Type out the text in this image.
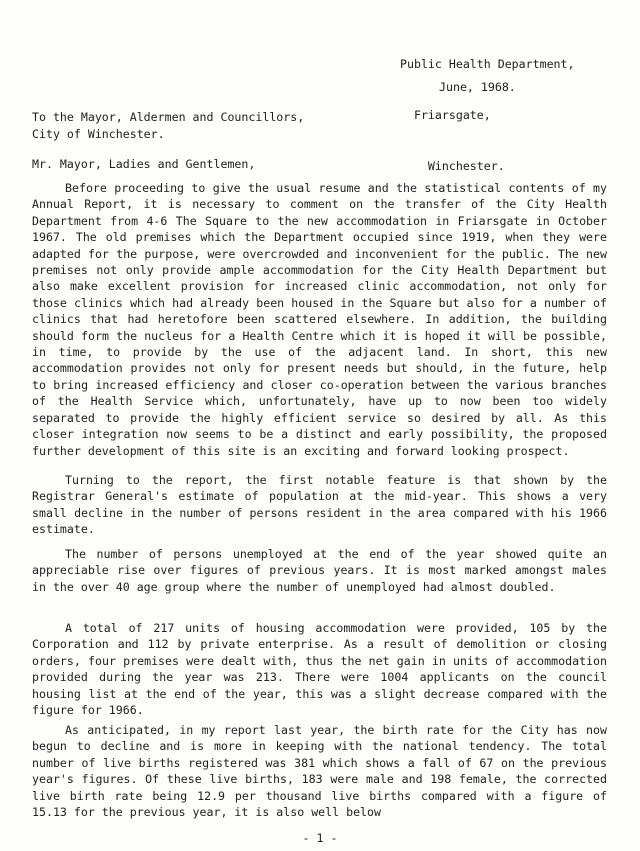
Public Health Department,

Friarsgate,

Winchester.

June, 1968.
To the Mayor, Aldermen and Councillors,
City of Winchester.
Mr. Mayor, Ladies and Gentlemen,
Before proceeding to give the usual resume and the statistical contents of my Annual Report, it is necessary to comment on the transfer of the City Health Department from 4-6 The Square to the new accommodation in Friarsgate in October 1967. The old premises which the Department occupied since 1919, when they were adapted for the purpose, were overcrowded and inconvenient for the public. The new premises not only provide ample accommodation for the City Health Department but also make excellent provision for increased clinic accommodation, not only for those clinics which had already been housed in the Square but also for a number of clinics that had heretofore been scattered elsewhere. In addition, the building should form the nucleus for a Health Centre which it is hoped it will be possible, in time, to provide by the use of the adjacent land. In short, this new accommodation provides not only for present needs but should, in the future, help to bring increased efficiency and closer co-operation between the various branches of the Health Service which, unfortunately, have up to now been too widely separated to provide the highly efficient service so desired by all. As this closer integration now seems to be a distinct and early possibility, the proposed further development of this site is an exciting and forward looking prospect.
Turning to the report, the first notable feature is that shown by the Registrar General's estimate of population at the mid-year. This shows a very small decline in the number of persons resident in the area compared with his 1966 estimate.
The number of persons unemployed at the end of the year showed quite an appreciable rise over figures of previous years. It is most marked amongst males in the over 40 age group where the number of unemployed had almost doubled.
A total of 217 units of housing accommodation were provided, 105 by the Corporation and 112 by private enterprise. As a result of demolition or closing orders, four premises were dealt with, thus the net gain in units of accommodation provided during the year was 213. There were 1004 applicants on the council housing list at the end of the year, this was a slight decrease compared with the figure for 1966.
As anticipated, in my report last year, the birth rate for the City has now begun to decline and is more in keeping with the national tendency. The total number of live births registered was 381 which shows a fall of 67 on the previous year's figures. Of these live births, 183 were male and 198 female, the corrected live birth rate being 12.9 per thousand live births compared with a figure of 15.13 for the previous year, it is also well below
- 1 -
